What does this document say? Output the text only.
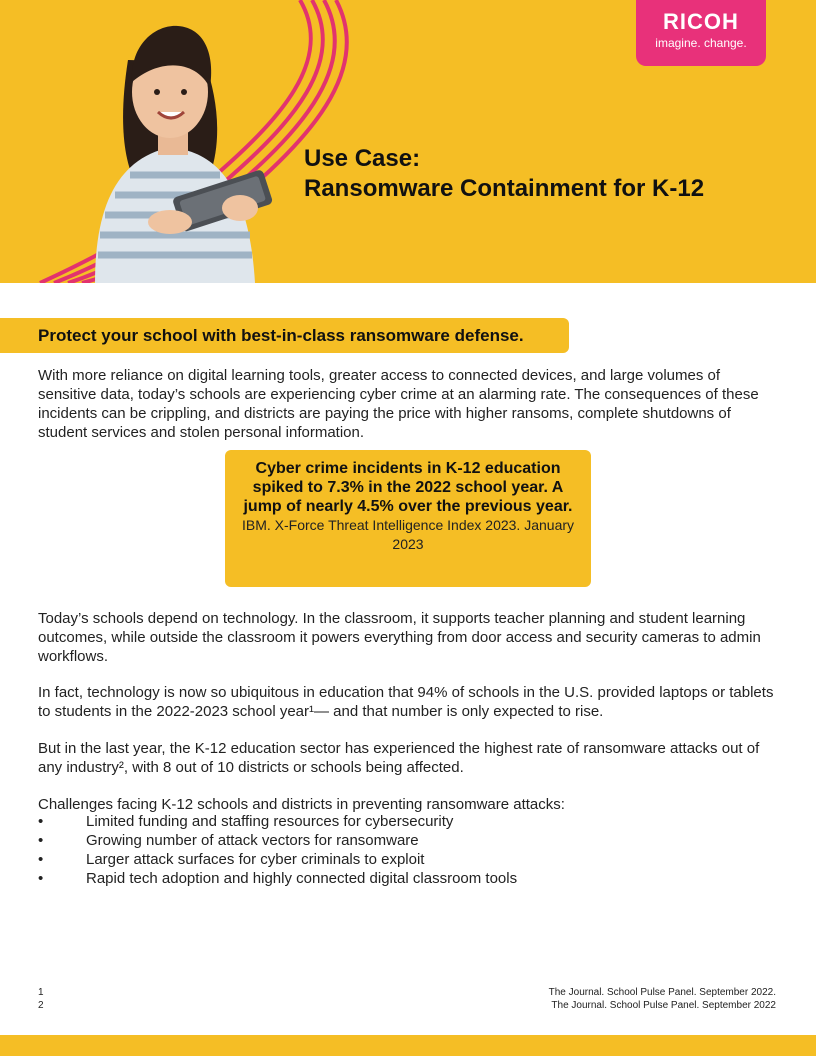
RICOH
imagine. change.
Use Case:
Ransomware Containment for K-12
Protect your school with best-in-class ransomware defense.

With more reliance on digital learning tools, greater access to connected devices, and large volumes of sensitive data, today’s schools are experiencing cyber crime at an alarming rate. The consequences of these incidents can be crippling, and districts are paying the price with higher ransoms, complete shutdowns of student services and stolen personal information.

Cyber crime incidents in K-12 education spiked to 7.3% in the 2022 school year. A jump of nearly 4.5% over the previous year.
IBM. X-Force Threat Intelligence Index 2023. January 2023

Today’s schools depend on technology. In the classroom, it supports teacher planning and student learning outcomes, while outside the classroom it powers everything from door access and security cameras to admin workflows.

In fact, technology is now so ubiquitous in education that 94% of schools in the U.S. provided laptops or tablets to students in the 2022-2023 school year¹— and that number is only expected to rise.

But in the last year, the K-12 education sector has experienced the highest rate of ransomware attacks out of any industry², with 8 out of 10 districts or schools being affected.

Challenges facing K-12 schools and districts in preventing ransomware attacks:

•	Limited funding and staffing resources for cybersecurity
•	Growing number of attack vectors for ransomware
•	Larger attack surfaces for cyber criminals to exploit
•	Rapid tech adoption and highly connected digital classroom tools
1
2
The Journal. School Pulse Panel. September 2022.
The Journal. School Pulse Panel. September 2022
